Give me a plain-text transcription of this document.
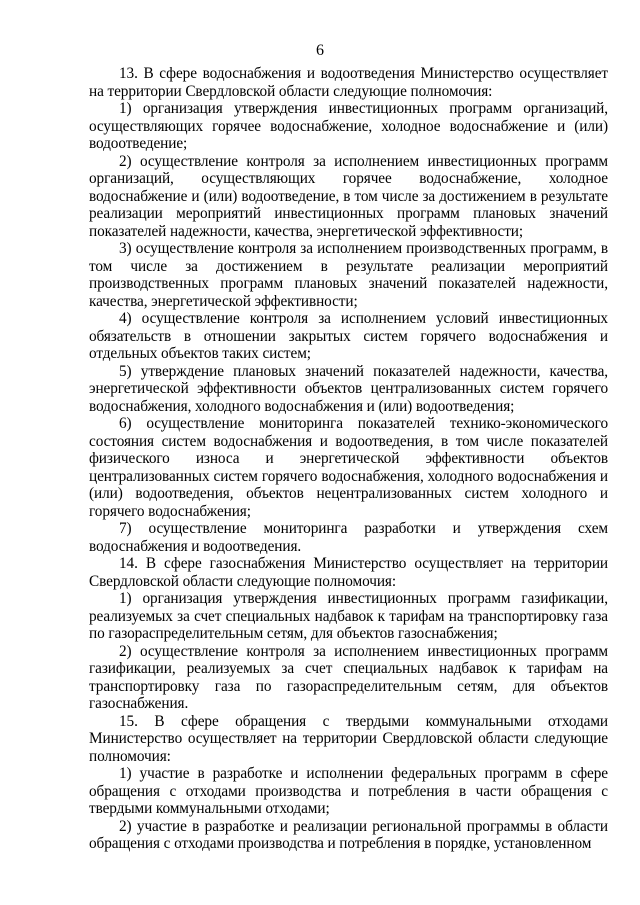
6

13. В сфере водоснабжения и водоотведения Министерство осуществляет на территории Свердловской области следующие полномочия:

1) организация утверждения инвестиционных программ организаций, осуществляющих горячее водоснабжение, холодное водоснабжение и (или) водоотведение;

2) осуществление контроля за исполнением инвестиционных программ организаций, осуществляющих горячее водоснабжение, холодное водоснабжение и (или) водоотведение, в том числе за достижением в результате реализации мероприятий инвестиционных программ плановых значений показателей надежности, качества, энергетической эффективности;

3) осуществление контроля за исполнением производственных программ, в том числе за достижением в результате реализации мероприятий производственных программ плановых значений показателей надежности, качества, энергетической эффективности;

4) осуществление контроля за исполнением условий инвестиционных обязательств в отношении закрытых систем горячего водоснабжения и отдельных объектов таких систем;

5) утверждение плановых значений показателей надежности, качества, энергетической эффективности объектов централизованных систем горячего водоснабжения, холодного водоснабжения и (или) водоотведения;

6) осуществление мониторинга показателей технико-экономического состояния систем водоснабжения и водоотведения, в том числе показателей физического износа и энергетической эффективности объектов централизованных систем горячего водоснабжения, холодного водоснабжения и (или) водоотведения, объектов нецентрализованных систем холодного и горячего водоснабжения;

7) осуществление мониторинга разработки и утверждения схем водоснабжения и водоотведения.

14. В сфере газоснабжения Министерство осуществляет на территории Свердловской области следующие полномочия:

1) организация утверждения инвестиционных программ газификации, реализуемых за счет специальных надбавок к тарифам на транспортировку газа по газораспределительным сетям, для объектов газоснабжения;

2) осуществление контроля за исполнением инвестиционных программ газификации, реализуемых за счет специальных надбавок к тарифам на транспортировку газа по газораспределительным сетям, для объектов газоснабжения.

15. В сфере обращения с твердыми коммунальными отходами Министерство осуществляет на территории Свердловской области следующие полномочия:

1) участие в разработке и исполнении федеральных программ в сфере обращения с отходами производства и потребления в части обращения с твердыми коммунальными отходами;

2) участие в разработке и реализации региональной программы в области обращения с отходами производства и потребления в порядке, установленном
